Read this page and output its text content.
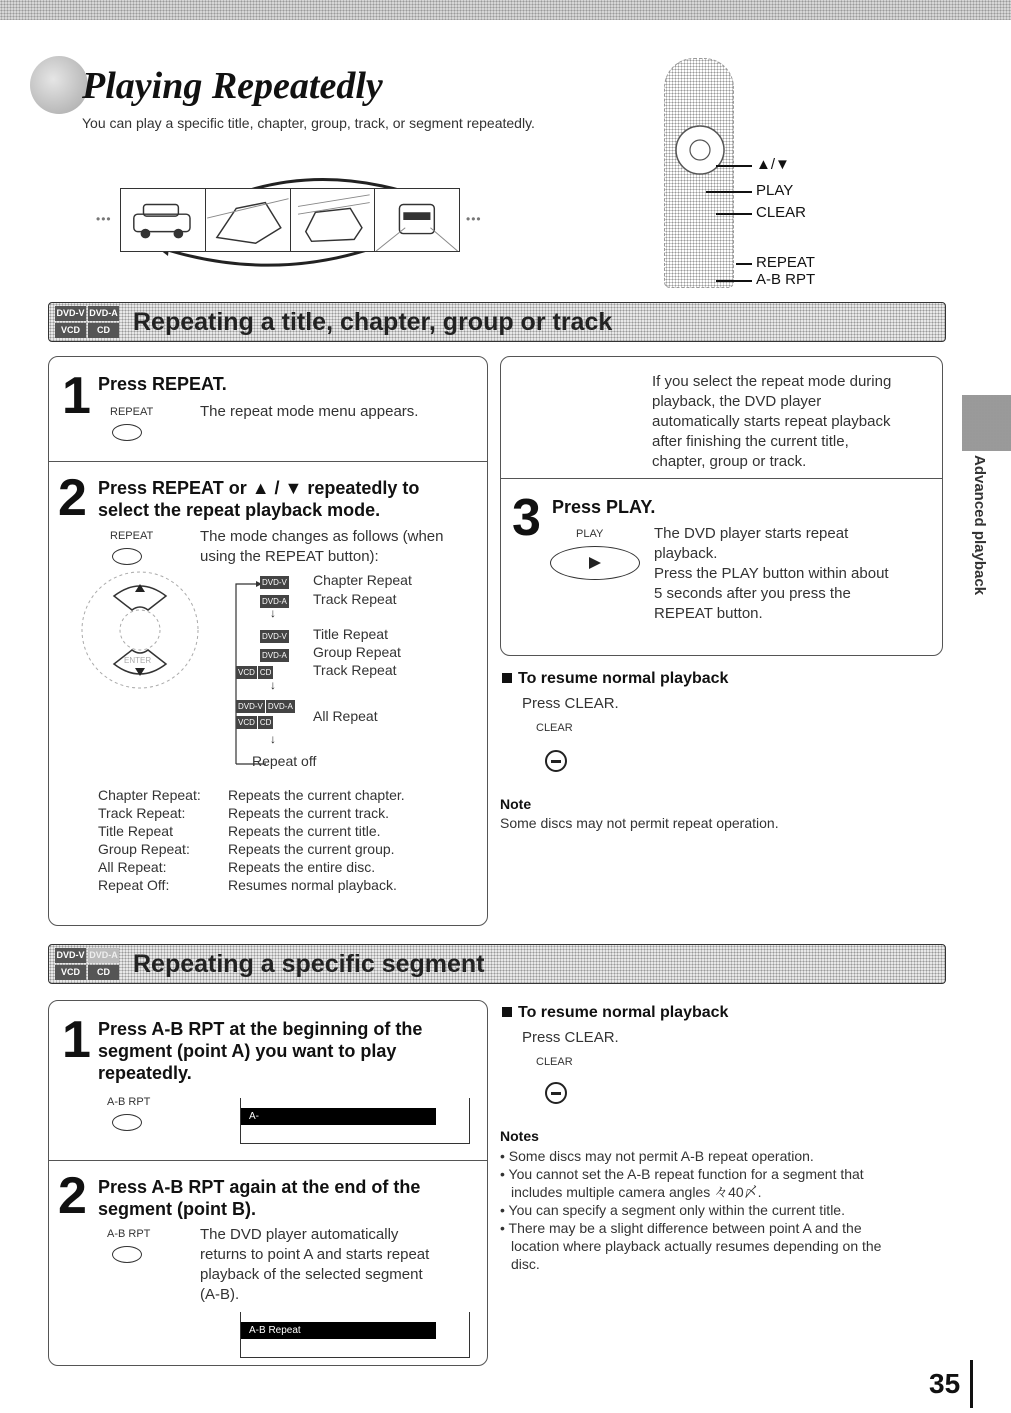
Playing Repeatedly
You can play a specific title, chapter, group, track, or segment repeatedly.
•••	•••
▲/▼
PLAY
CLEAR
REPEAT
A-B RPT
DVD-V DVD-A
VCD	CD Repeating a title, chapter, group or track
1 Press REPEAT.
REPEAT	The repeat mode menu appears.
2 Press REPEAT or ▲ / ▼ repeatedly to
select the repeat playback mode.
REPEAT	The mode changes as follows (when
using the REPEAT button):
ENTER
DVD-V Chapter Repeat
DVD-A Track Repeat
↓
DVD-V Title Repeat
DVD-A Group Repeat
VCD CD	Track Repeat
↓
DVD-V DVD-A
VCD CD	All Repeat
↓
Repeat off
Chapter Repeat:	Repeats the current chapter.
Track Repeat:	Repeats the current track.
Title Repeat	Repeats the current title.
Group Repeat:	Repeats the current group.
All Repeat:	Repeats the entire disc.
Repeat Off:	Resumes normal playback.
If you select the repeat mode during
playback, the DVD player
automatically starts repeat playback
after finishing the current title,
chapter, group or track.
3 Press PLAY.
PLAY	The DVD player starts repeat
playback.
Press the PLAY button within about
5 seconds after you press the
REPEAT button.
To resume normal playback
Press CLEAR.
CLEAR
Note
Some discs may not permit repeat operation.
Advanced playback
DVD-V DVD-A
VCD	CD Repeating a specific segment
1 Press A-B RPT at the beginning of the
segment (point A) you want to play
repeatedly.
A-B RPT
A-
2 Press A-B RPT again at the end of the
segment (point B).
A-B RPT	The DVD player automatically
returns to point A and starts repeat
playback of the selected segment
(A-B).
A-B Repeat
To resume normal playback
Press CLEAR.
CLEAR
Notes
• Some discs may not permit A-B repeat operation.
• You cannot set the A-B repeat function for a segment that
includes multiple camera angles 々40〆.
• You can specify a segment only within the current title.
• There may be a slight difference between point A and the
location where playback actually resumes depending on the
disc.
35
